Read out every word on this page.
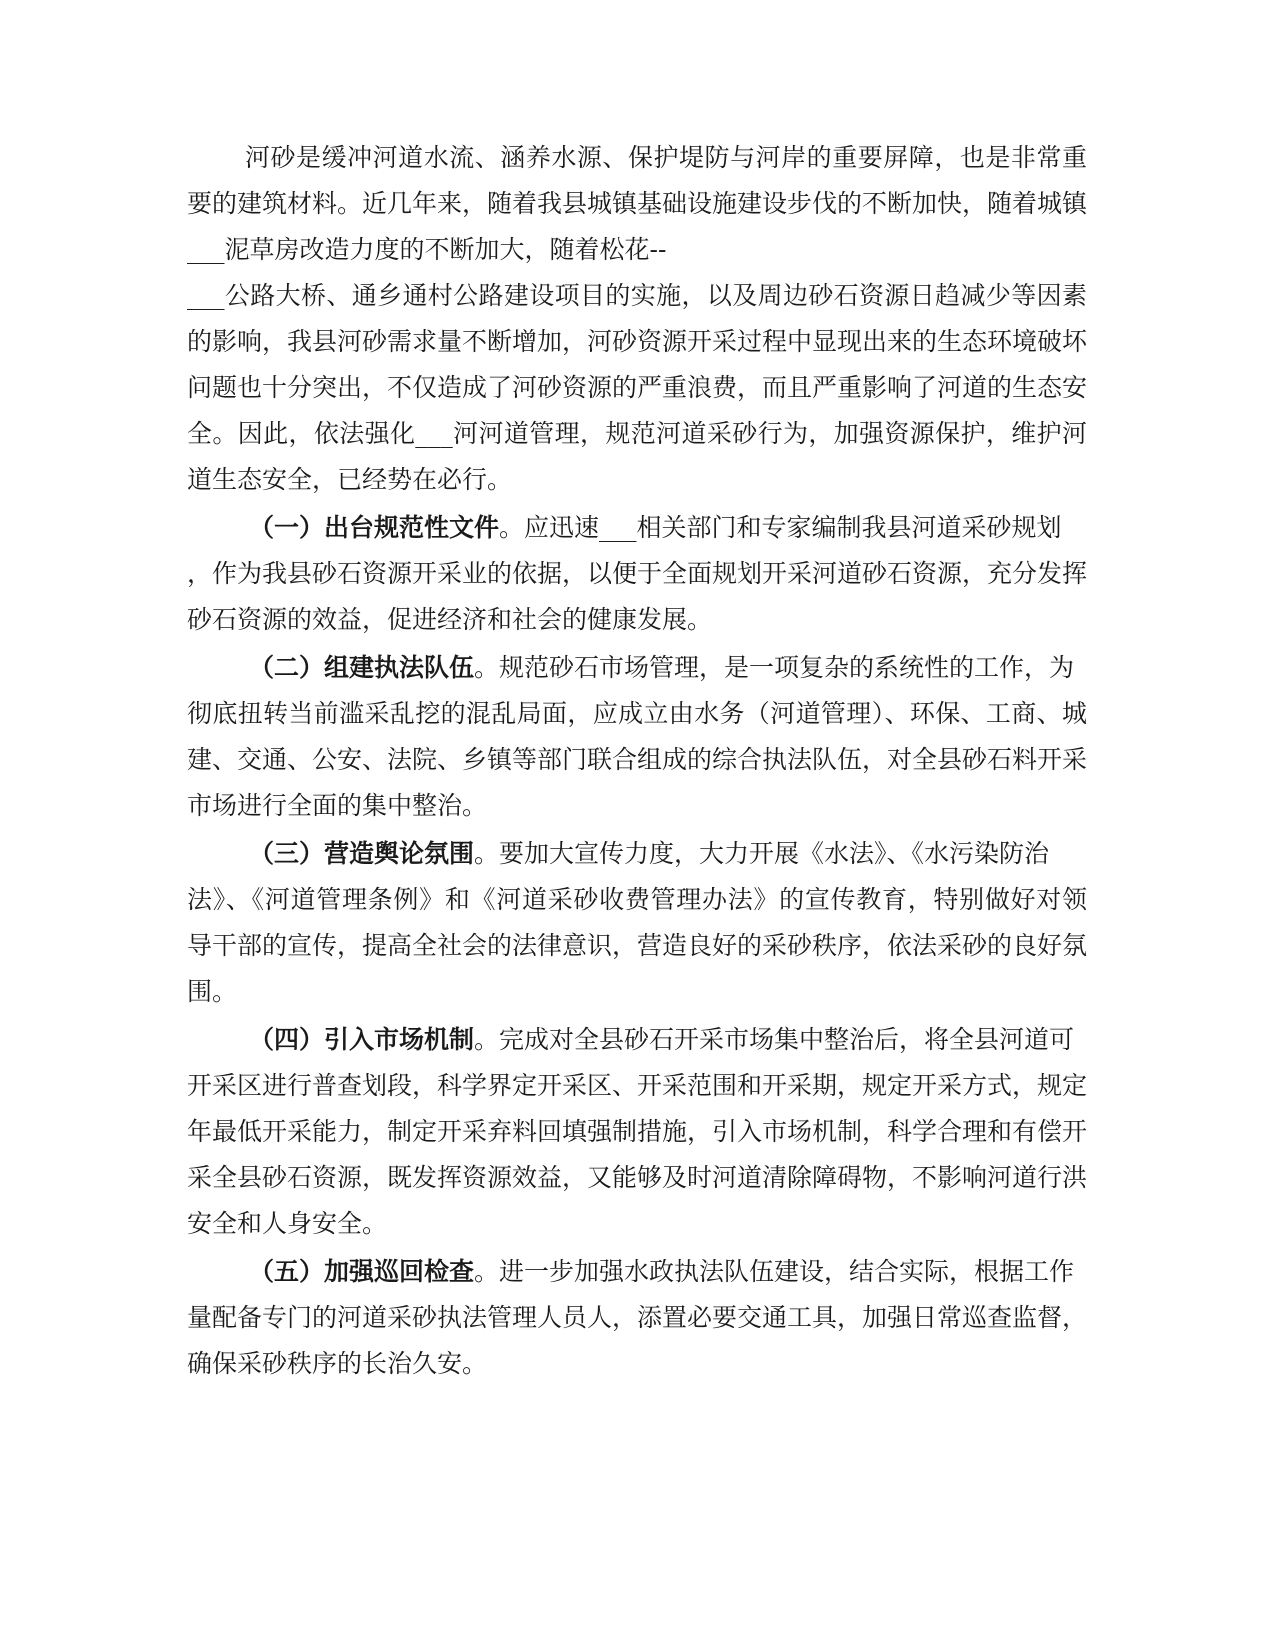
河砂是缓冲河道水流、涵养水源、保护堤防与河岸的重要屏障，也是非常重
要的建筑材料。近几年来，随着我县城镇基础设施建设步伐的不断加快，随着城镇
___泥草房改造力度的不断加大，随着松花--
___公路大桥、通乡通村公路建设项目的实施，以及周边砂石资源日趋减少等因素
的影响，我县河砂需求量不断增加，河砂资源开采过程中显现出来的生态环境破坏
问题也十分突出，不仅造成了河砂资源的严重浪费，而且严重影响了河道的生态安
全。因此，依法强化___河河道管理，规范河道采砂行为，加强资源保护，维护河
道生态安全，已经势在必行。
（一）出台规范性文件。应迅速___相关部门和专家编制我县河道采砂规划
，作为我县砂石资源开采业的依据，以便于全面规划开采河道砂石资源，充分发挥
砂石资源的效益，促进经济和社会的健康发展。
（二）组建执法队伍。规范砂石市场管理，是一项复杂的系统性的工作，为
彻底扭转当前滥采乱挖的混乱局面，应成立由水务（河道管理）、环保、工商、城
建、交通、公安、法院、乡镇等部门联合组成的综合执法队伍，对全县砂石料开采
市场进行全面的集中整治。
（三）营造舆论氛围。要加大宣传力度，大力开展《水法》、《水污染防治
法》、《河道管理条例》和《河道采砂收费管理办法》的宣传教育，特别做好对领
导干部的宣传，提高全社会的法律意识，营造良好的采砂秩序，依法采砂的良好氛
围。
（四）引入市场机制。完成对全县砂石开采市场集中整治后，将全县河道可
开采区进行普查划段，科学界定开采区、开采范围和开采期，规定开采方式，规定
年最低开采能力，制定开采弃料回填强制措施，引入市场机制，科学合理和有偿开
采全县砂石资源，既发挥资源效益，又能够及时河道清除障碍物，不影响河道行洪
安全和人身安全。
（五）加强巡回检查。进一步加强水政执法队伍建设，结合实际，根据工作
量配备专门的河道采砂执法管理人员人，添置必要交通工具，加强日常巡查监督，
确保采砂秩序的长治久安。
